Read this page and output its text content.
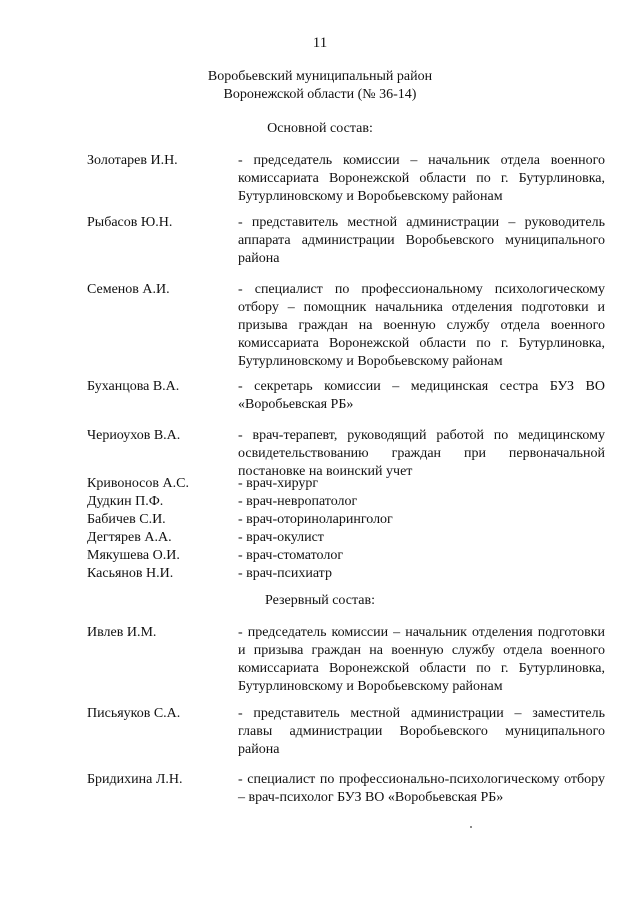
11
Воробьевский муниципальный район
Воронежской области (№ 36-14)
Основной состав:
Золотарев И.Н.	- председатель комиссии – начальник отдела военного комиссариата Воронежской области по г. Бутурлиновка, Бутурлиновскому и Воробьевскому районам
Рыбасов Ю.Н.	- представитель местной администрации – руководитель аппарата администрации Воробьевского муниципального района
Семенов А.И.	- специалист по профессиональному психологическому отбору – помощник начальника отделения подготовки и призыва граждан на военную службу отдела военного комиссариата Воронежской области по г. Бутурлиновка, Бутурлиновскому и Воробьевскому районам
Буханцова В.А.	- секретарь комиссии – медицинская сестра БУЗ ВО «Воробьевская РБ»
Чериоухов В.А.	- врач-терапевт, руководящий работой по медицинскому освидетельствованию граждан при первоначальной постановке на воинский учет
Кривоносов А.С.	- врач-хирург
Дудкин П.Ф.	- врач-невропатолог
Бабичев С.И.	- врач-оториноларинголог
Дегтярев А.А.	- врач-окулист
Мякушева О.И.	- врач-стоматолог
Касьянов Н.И.	- врач-психиатр
Резервный состав:
Ивлев И.М.	- председатель комиссии – начальник отделения подготовки и призыва граждан на военную службу отдела военного комиссариата Воронежской области по г. Бутурлиновка, Бутурлиновскому и Воробьевскому районам
Письяуков С.А.	- представитель местной администрации – заместитель главы администрации Воробьевского муниципального района
Бридихина Л.Н.	- специалист по профессионально-психологическому отбору – врач-психолог БУЗ ВО «Воробьевская РБ»
